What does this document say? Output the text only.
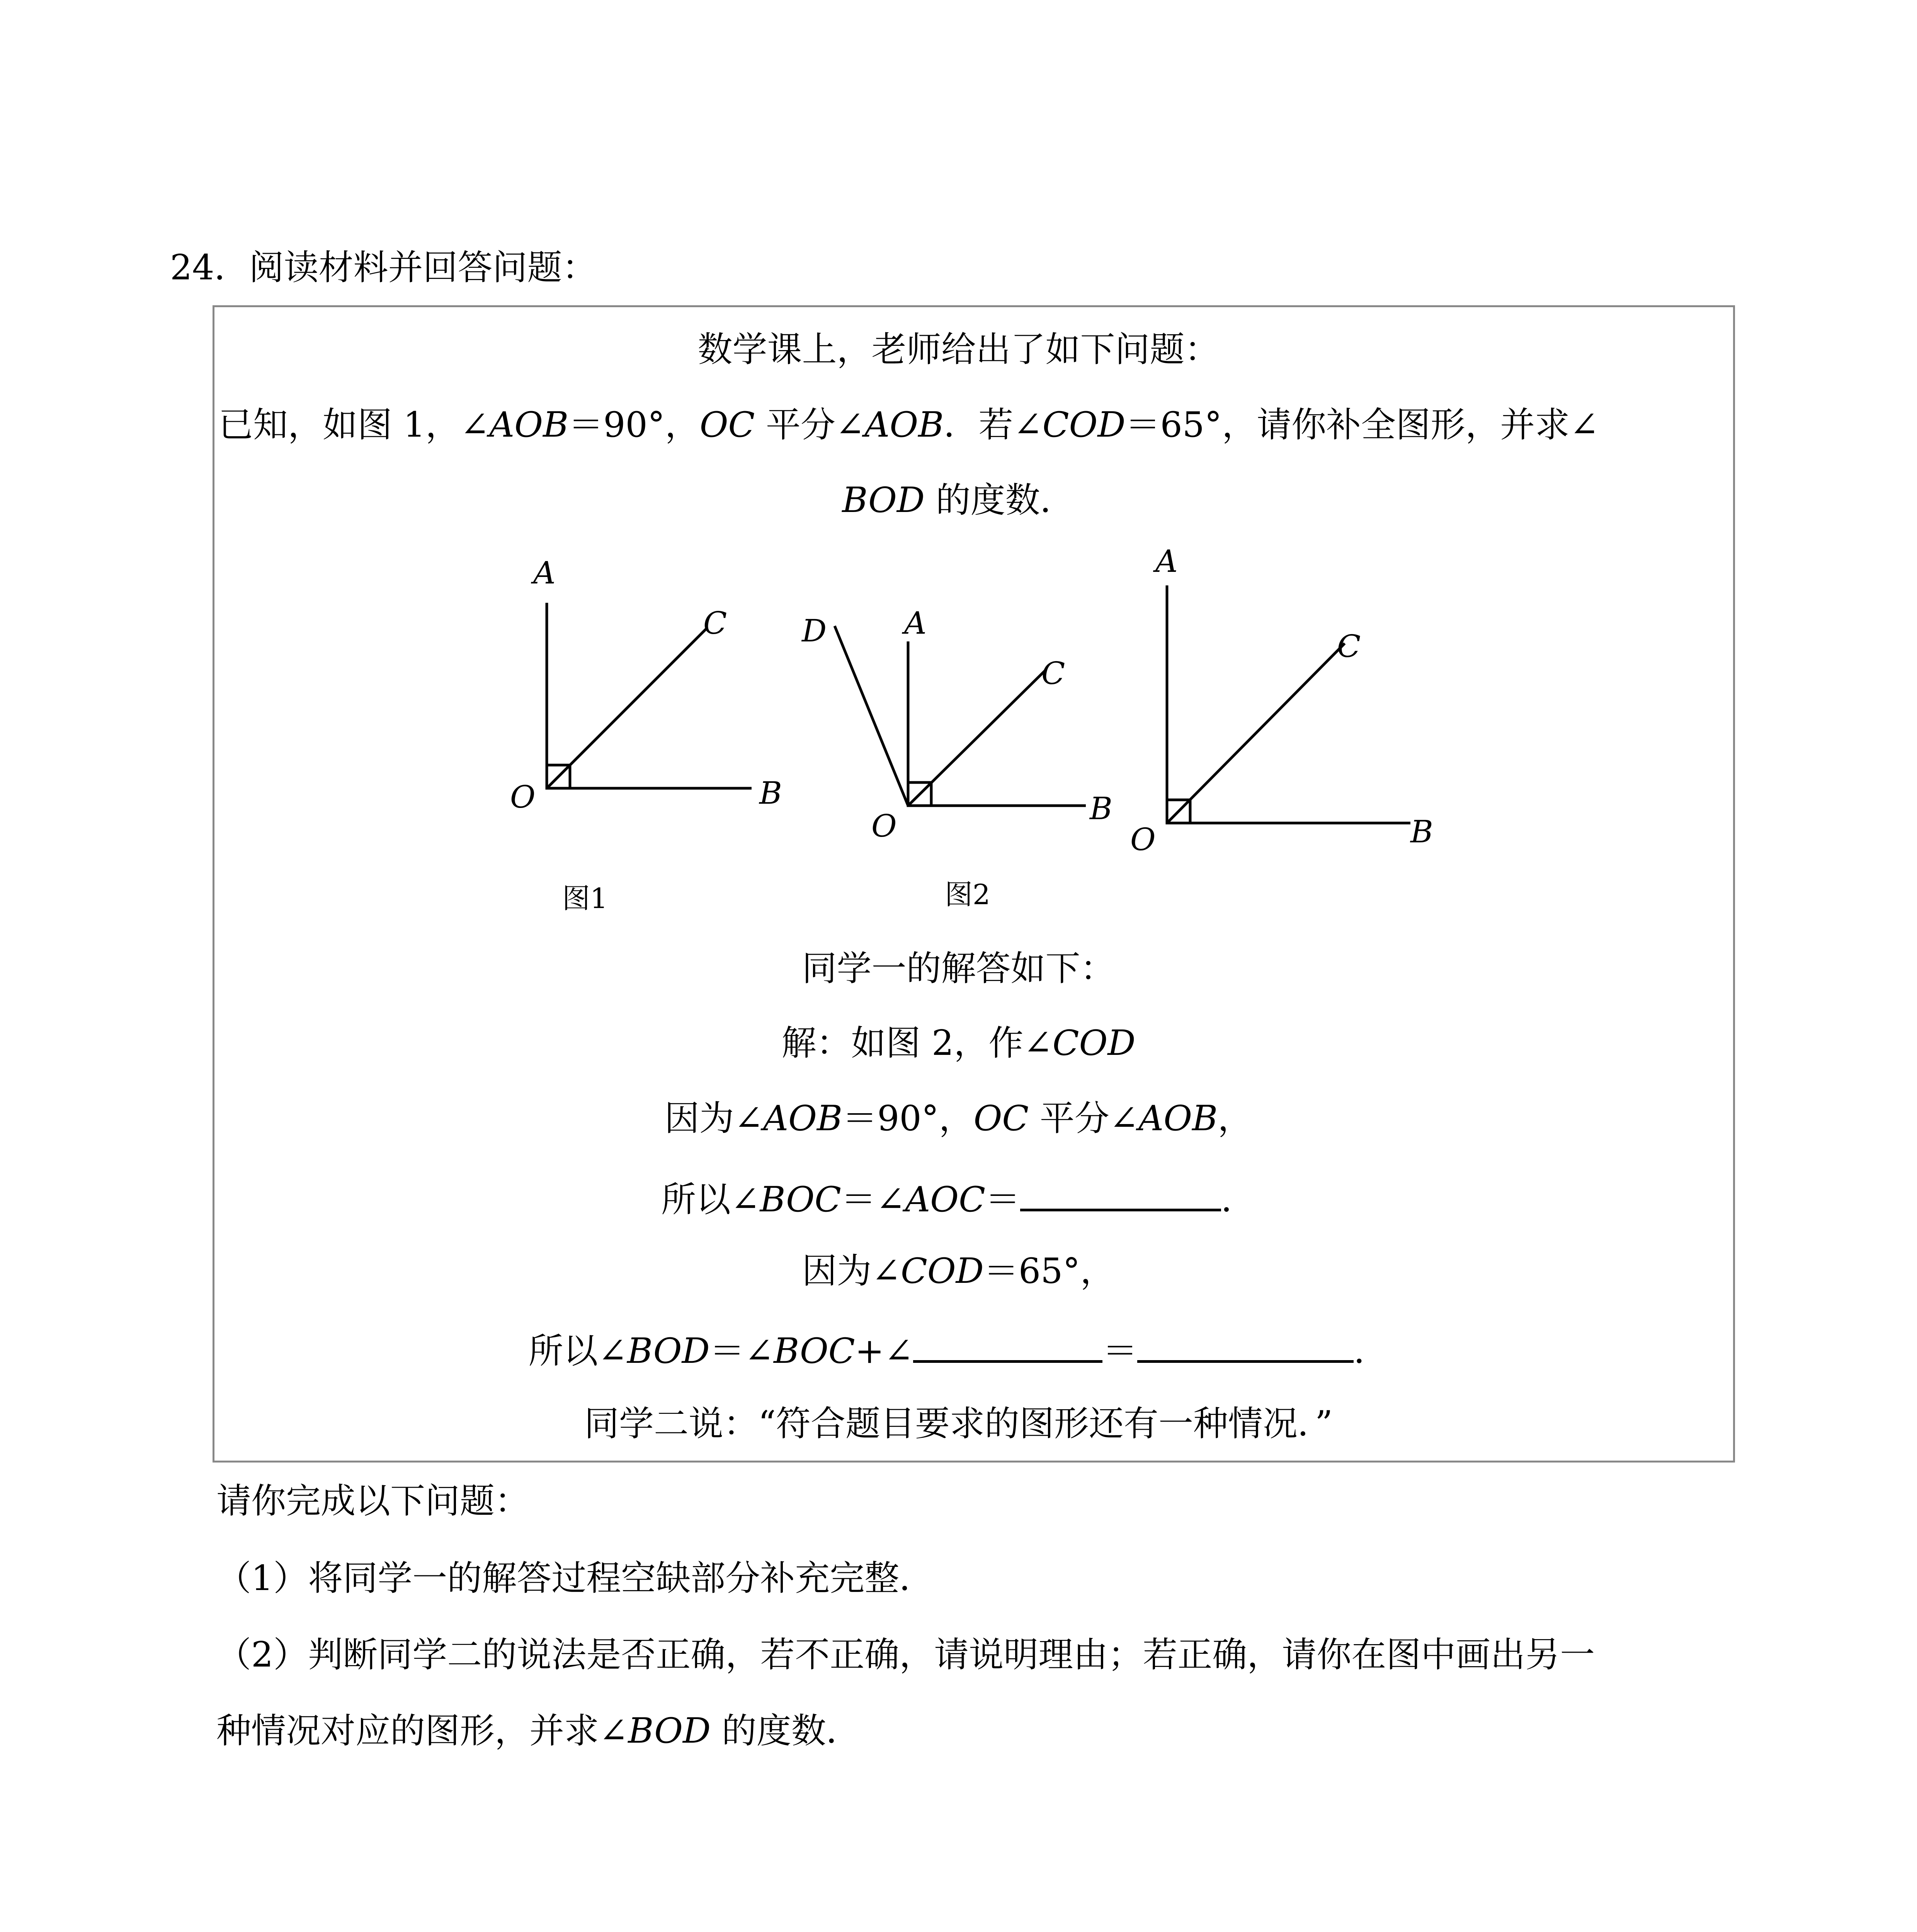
24．阅读材料并回答问题：
数学课上，老师给出了如下问题：
已知，如图 1，∠AOB＝90°，OC 平分∠AOB．若∠COD＝65°，请你补全图形，并求∠
BOD 的度数．
A
C
O	B
D	A
C
O	B
A
C
O	B
图1	图2
同学一的解答如下：
解：如图 2，作∠COD
因为∠AOB＝90°，OC 平分∠AOB，
所以∠BOC＝∠AOC＝	．
因为∠COD＝65°，
所以∠BOD＝∠BOC+∠	＝	．
同学二说：“符合题目要求的图形还有一种情况．”
请你完成以下问题：
（1）将同学一的解答过程空缺部分补充完整．
（2）判断同学二的说法是否正确，若不正确，请说明理由；若正确，请你在图中画出另一
种情况对应的图形，并求∠BOD 的度数．
